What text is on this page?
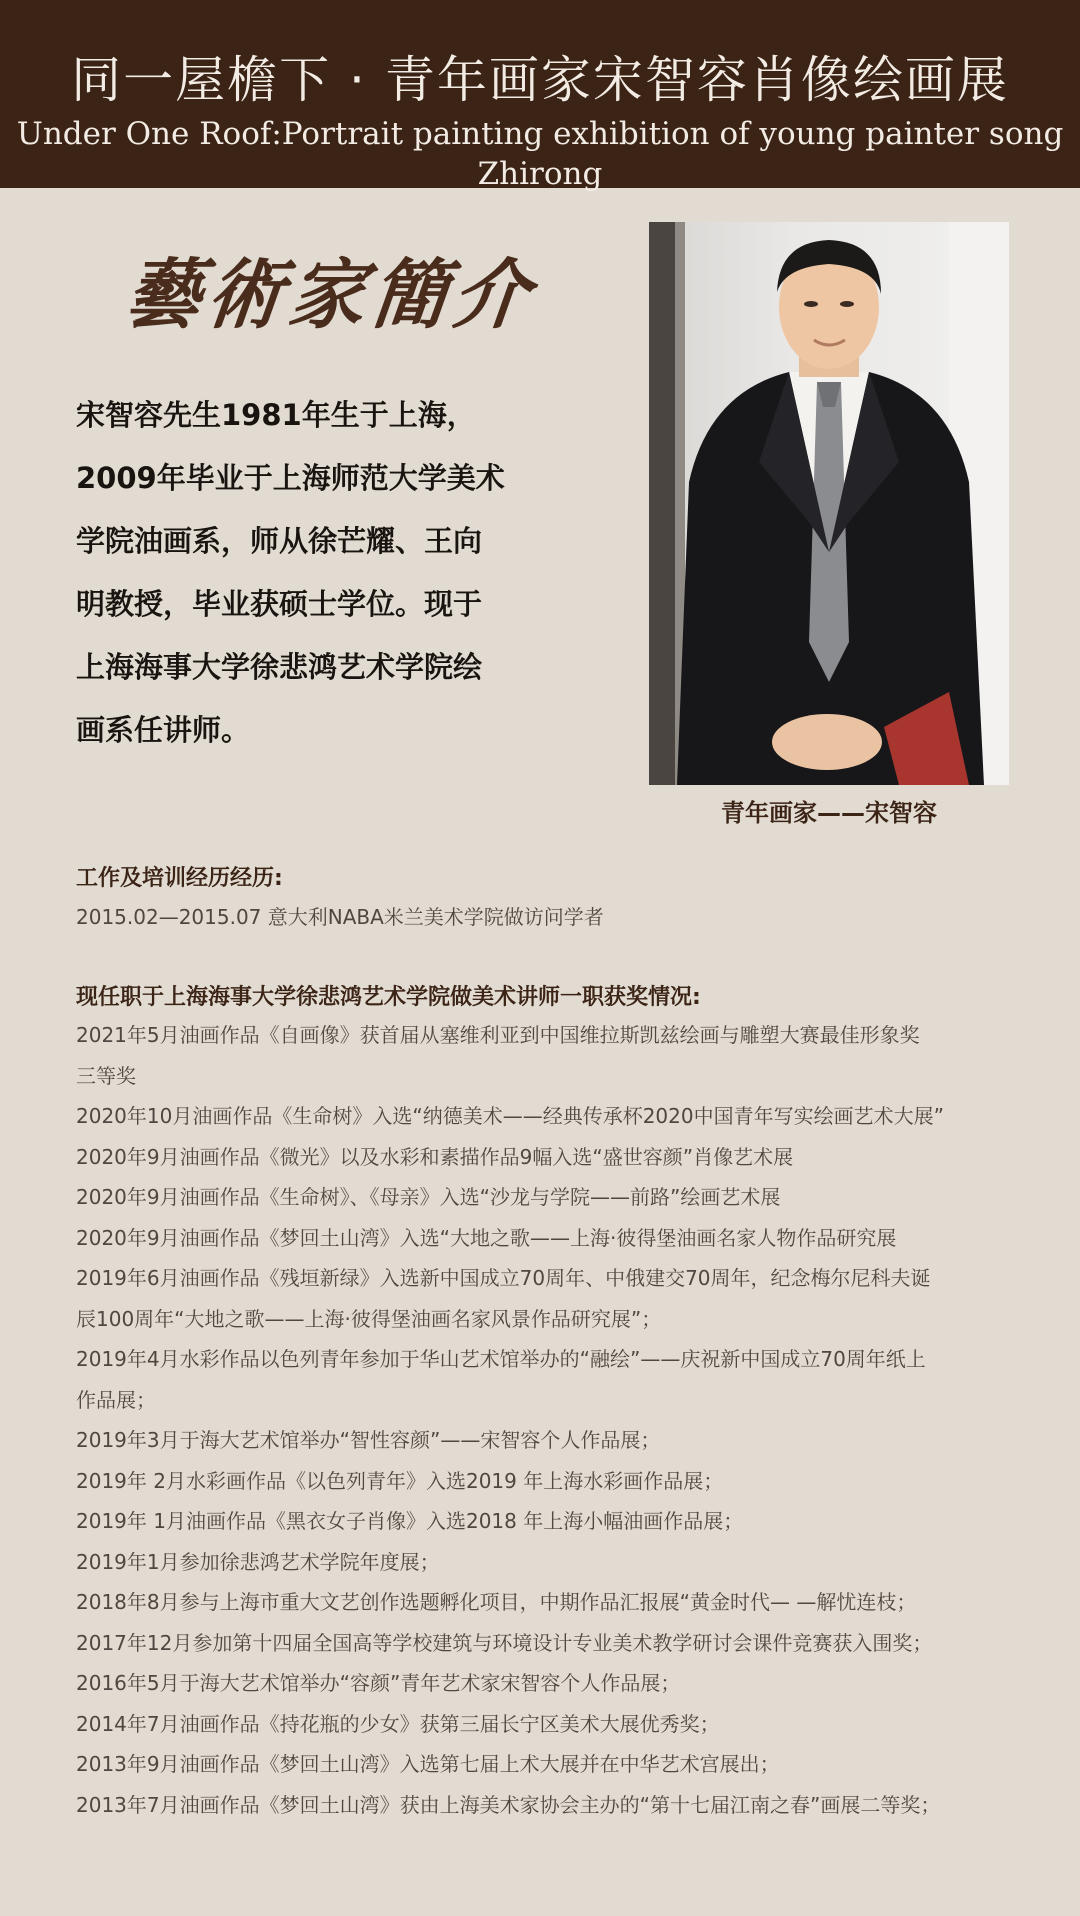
同一屋檐下 · 青年画家宋智容肖像绘画展
Under One Roof:Portrait painting exhibition of young painter song Zhirong
藝術家簡介
宋智容先生1981年生于上海，
2009年毕业于上海师范大学美术
学院油画系，师从徐芒耀、王向
明教授，毕业获硕士学位。现于
上海海事大学徐悲鸿艺术学院绘
画系任讲师。
青年画家——宋智容
工作及培训经历经历:
2015.02—2015.07 意大利NABA米兰美术学院做访问学者
现任职于上海海事大学徐悲鸿艺术学院做美术讲师一职获奖情况:
2021年5月油画作品《自画像》获首届从塞维利亚到中国维拉斯凯兹绘画与雕塑大赛最佳形象奖
三等奖
2020年10月油画作品《生命树》入选“纳德美术——经典传承杯2020中国青年写实绘画艺术大展”
2020年9月油画作品《微光》以及水彩和素描作品9幅入选“盛世容颜”肖像艺术展
2020年9月油画作品《生命树》、《母亲》入选“沙龙与学院——前路”绘画艺术展
2020年9月油画作品《梦回土山湾》入选“大地之歌——上海·彼得堡油画名家人物作品研究展
2019年6月油画作品《残垣新绿》入选新中国成立70周年、中俄建交70周年，纪念梅尔尼科夫诞
辰100周年“大地之歌——上海·彼得堡油画名家风景作品研究展”；
2019年4月水彩作品以色列青年参加于华山艺术馆举办的“融绘”——庆祝新中国成立70周年纸上
作品展；
2019年3月于海大艺术馆举办“智性容颜”——宋智容个人作品展；
2019年 2月水彩画作品《以色列青年》入选2019 年上海水彩画作品展；
2019年 1月油画作品《黑衣女子肖像》入选2018 年上海小幅油画作品展；
2019年1月参加徐悲鸿艺术学院年度展；
2018年8月参与上海市重大文艺创作选题孵化项目，中期作品汇报展“黄金时代— —解忧连枝；
2017年12月参加第十四届全国高等学校建筑与环境设计专业美术教学研讨会课件竞赛获入围奖；
2016年5月于海大艺术馆举办“容颜”青年艺术家宋智容个人作品展；
2014年7月油画作品《持花瓶的少女》获第三届长宁区美术大展优秀奖；
2013年9月油画作品《梦回土山湾》入选第七届上术大展并在中华艺术宫展出；
2013年7月油画作品《梦回土山湾》获由上海美术家协会主办的“第十七届江南之春”画展二等奖；
